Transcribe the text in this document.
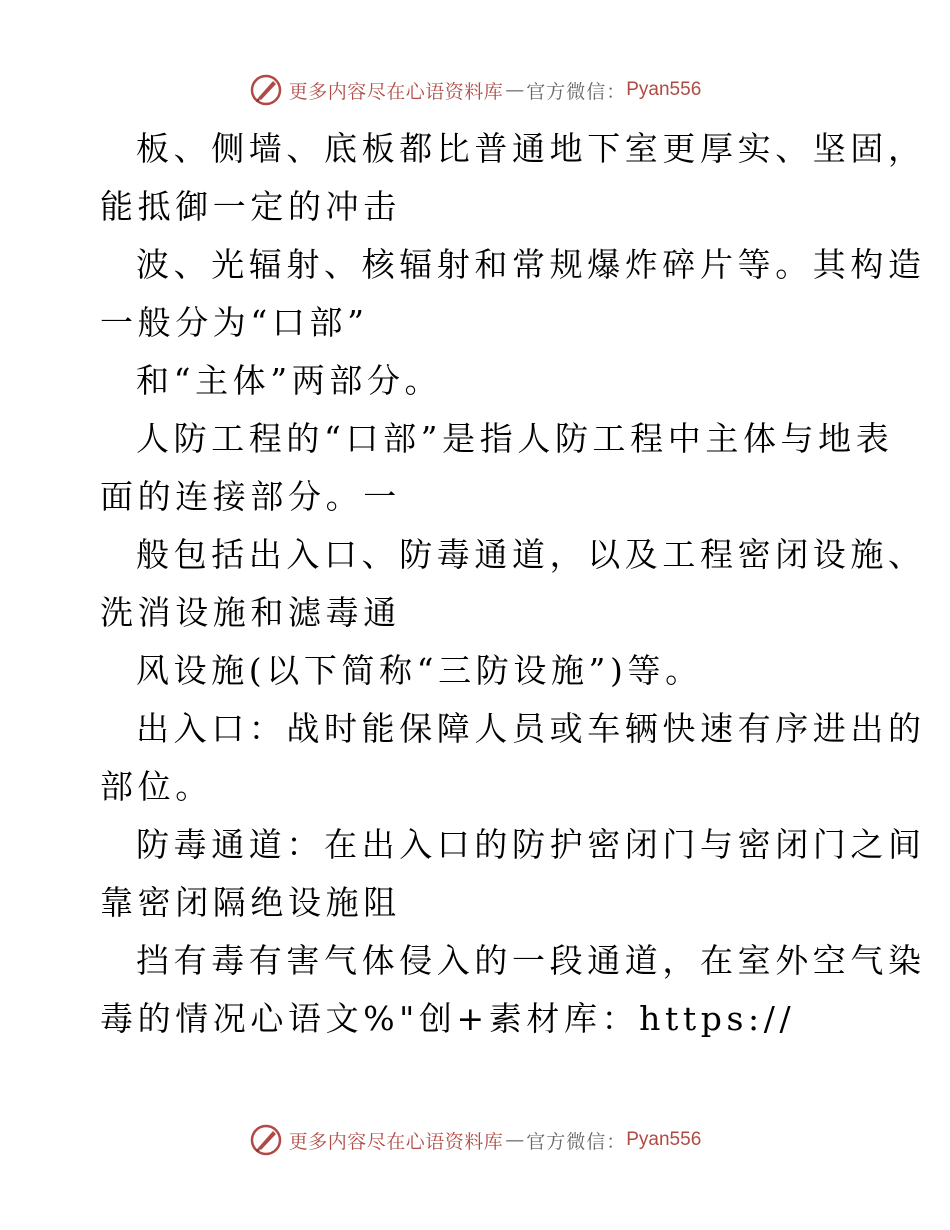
更多内容尽在心语资料库 — 官方微信： Pyan556
板、侧墙、底板都比普通地下室更厚实、坚固，
能抵御一定的冲击
波、光辐射、核辐射和常规爆炸碎片等。其构造
一般分为“口部”
和“主体”两部分。
人防工程的“口部”是指人防工程中主体与地表
面的连接部分。一
般包括出入口、防毒通道，以及工程密闭设施、
洗消设施和滤毒通
风设施(以下简称“三防设施”)等。
出入口：战时能保障人员或车辆快速有序进出的
部位。
防毒通道：在出入口的防护密闭门与密闭门之间
靠密闭隔绝设施阻
挡有毒有害气体侵入的一段通道，在室外空气染
毒的情况心语文%"创+素材库：https://
更多内容尽在心语资料库 — 官方微信： Pyan556
